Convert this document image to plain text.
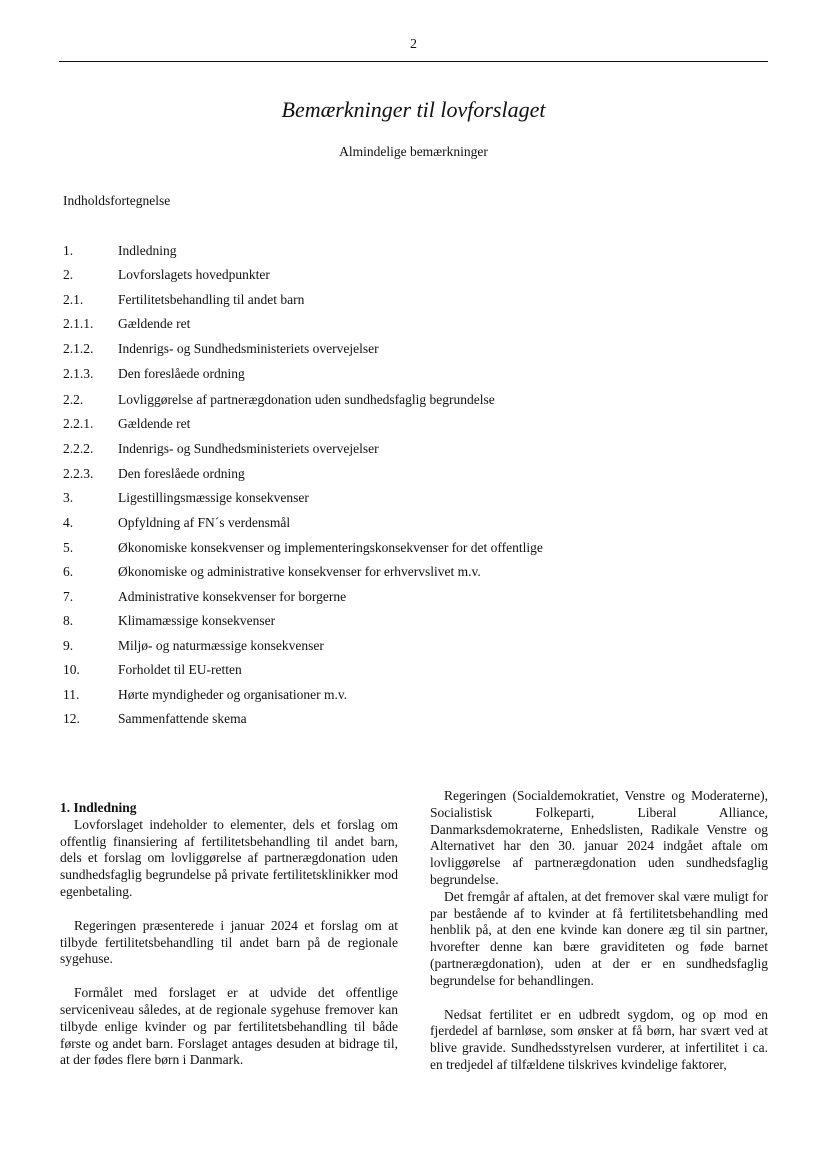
2
Bemærkninger til lovforslaget
Almindelige bemærkninger
Indholdsfortegnelse
1.	Indledning
2.	Lovforslagets hovedpunkter
2.1.	Fertilitetsbehandling til andet barn
2.1.1. Gældende ret
2.1.2. Indenrigs- og Sundhedsministeriets overvejelser
2.1.3. Den foreslåede ordning
2.2.	Lovliggørelse af partnerægdonation uden sundhedsfaglig begrundelse
2.2.1. Gældende ret
2.2.2. Indenrigs- og Sundhedsministeriets overvejelser
2.2.3. Den foreslåede ordning
3.	Ligestillingsmæssige konsekvenser
4.	Opfyldning af FN´s verdensmål
5.	Økonomiske konsekvenser og implementeringskonsekvenser for det offentlige
6.	Økonomiske og administrative konsekvenser for erhvervslivet m.v.
7.	Administrative konsekvenser for borgerne
8.	Klimamæssige konsekvenser
9.	Miljø- og naturmæssige konsekvenser
10.	Forholdet til EU-retten
11.	Hørte myndigheder og organisationer m.v.
12.	Sammenfattende skema
1. Indledning

Lovforslaget indeholder to elementer, dels et forslag om offentlig finansiering af fertilitetsbehandling til andet barn, dels et forslag om lovliggørelse af partnerægdonation uden sundhedsfaglig begrundelse på private fertilitetsklinikker mod egenbetaling.

Regeringen præsenterede i januar 2024 et forslag om at tilbyde fertilitetsbehandling til andet barn på de regionale sygehuse.

Formålet med forslaget er at udvide det offentlige serviceniveau således, at de regionale sygehuse fremover kan tilbyde enlige kvinder og par fertilitetsbehandling til både første og andet barn. Forslaget antages desuden at bidrage til, at der fødes flere børn i Danmark.

Regeringen (Socialdemokratiet, Venstre og Moderaterne), Socialistisk Folkeparti, Liberal Alliance, Danmarksdemokraterne, Enhedslisten, Radikale Venstre og Alternativet har den 30. januar 2024 indgået aftale om lovliggørelse af partnerægdonation uden sundhedsfaglig begrundelse.

Det fremgår af aftalen, at det fremover skal være muligt for par bestående af to kvinder at få fertilitetsbehandling med henblik på, at den ene kvinde kan donere æg til sin partner, hvorefter denne kan bære graviditeten og føde barnet (partnerægdonation), uden at der er en sundhedsfaglig begrundelse for behandlingen.

Nedsat fertilitet er en udbredt sygdom, og op mod en fjerdedel af barnløse, som ønsker at få børn, har svært ved at blive gravide. Sundhedsstyrelsen vurderer, at infertilitet i ca. en tredjedel af tilfældene tilskrives kvindelige faktorer,
